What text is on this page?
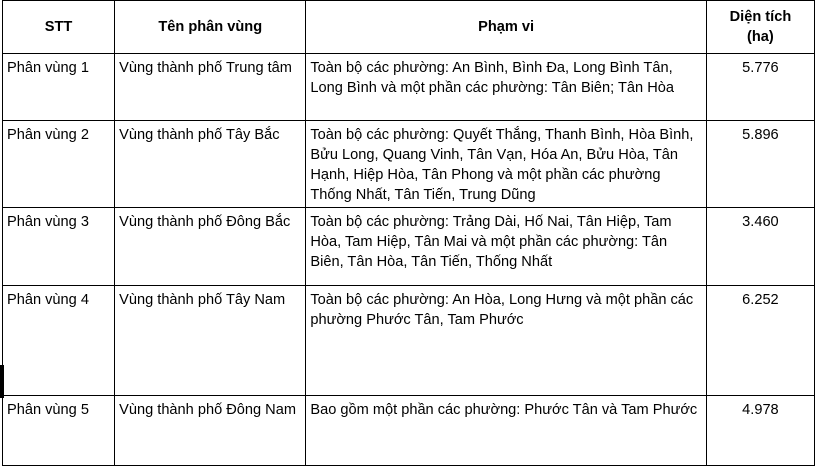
STT	Tên phân vùng	Phạm vi	Diện tích
(ha)

Phân vùng 1	Vùng thành phố Trung tâm	Toàn bộ các phường: An Bình, Bình Đa, Long Bình Tân, Long Bình và một phần các phường: Tân Biên; Tân Hòa	5.776
Phân vùng 2	Vùng thành phố Tây Bắc	Toàn bộ các phường: Quyết Thắng, Thanh Bình, Hòa Bình, Bửu Long, Quang Vinh, Tân Vạn, Hóa An, Bửu Hòa, Tân Hạnh, Hiệp Hòa, Tân Phong và một phần các phường Thống Nhất, Tân Tiến, Trung Dũng	5.896
Phân vùng 3	Vùng thành phố Đông Bắc	Toàn bộ các phường: Trảng Dài, Hố Nai, Tân Hiệp, Tam Hòa, Tam Hiệp, Tân Mai và một phần các phường: Tân Biên, Tân Hòa, Tân Tiến, Thống Nhất	3.460
Phân vùng 4	Vùng thành phố Tây Nam	Toàn bộ các phường: An Hòa, Long Hưng và một phần các phường Phước Tân, Tam Phước	6.252
Phân vùng 5	Vùng thành phố Đông Nam	Bao gồm một phần các phường: Phước Tân và Tam Phước	4.978
